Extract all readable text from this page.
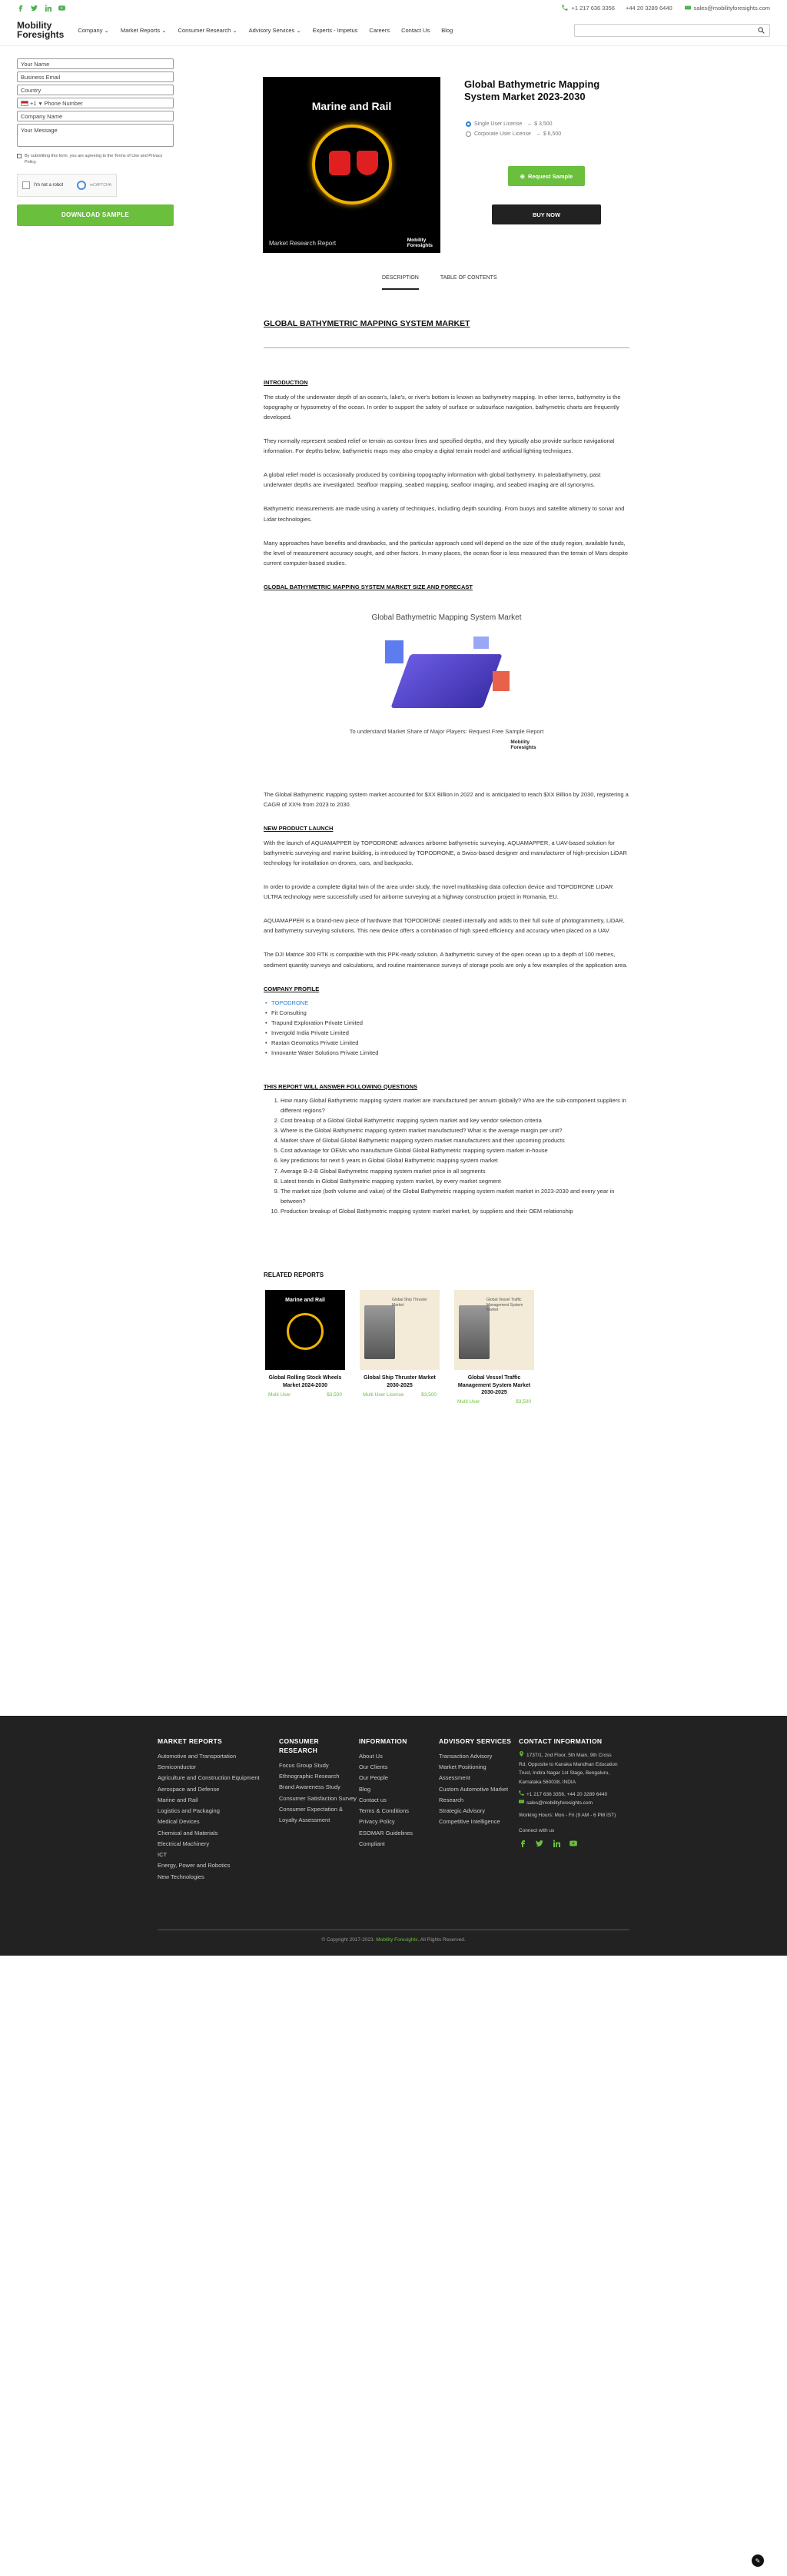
+1 217 636 3356 +44 20 3289 6440	sales@mobilityforesights.com
Mobility
Foresights Company ⌄ Market Reports ⌄ Consumer Research ⌄ Advisory Services ⌄ Experts - Impetus Careers Contact Us Blog
Your Name
Business Email
Country
+1 ▾ Phone Number
Company Name
Your Message
By submitting this form, you are agreeing to the Terms of Use and Privacy Policy.
I'm not a robot	reCAPTCHA
DOWNLOAD SAMPLE
Marine and Rail
Market Research Report	Mobility
Foresights
Global Bathymetric Mapping System Market 2023-2030
Single User License – $ 3,500
Corporate User License – $ 6,500
⊕ Request Sample
BUY NOW
DESCRIPTION	TABLE OF CONTENTS
GLOBAL BATHYMETRIC MAPPING SYSTEM MARKET
INTRODUCTION

The study of the underwater depth of an ocean's, lake's, or river's bottom is known as bathymetry mapping. In other terms, bathymetry is the topography or hypsometry of the ocean. In order to support the safety of surface or subsurface navigation, bathymetric charts are frequently developed.

They normally represent seabed relief or terrain as contour lines and specified depths, and they typically also provide surface navigational information. For depths below, bathymetric maps may also employ a digital terrain model and artificial lighting techniques.

A global relief model is occasionally produced by combining topography information with global bathymetry. In paleobathymetry, past underwater depths are investigated. Seafloor mapping, seabed mapping, seafloor imaging, and seabed imaging are all synonyms.

Bathymetric measurements are made using a variety of techniques, including depth sounding. From buoys and satellite altimetry to sonar and Lidar technologies.

Many approaches have benefits and drawbacks, and the particular approach used will depend on the size of the study region, available funds, the level of measurement accuracy sought, and other factors. In many places, the ocean floor is less measured than the terrain of Mars despite current computer-based studies.

GLOBAL BATHYMETRIC MAPPING SYSTEM MARKET SIZE AND FORECAST
Global Bathymetric Mapping System Market
To understand Market Share of Major Players: Request Free Sample Report
Mobility
Foresights

The Global Bathymetric mapping system market accounted for $XX Billion in 2022 and is anticipated to reach $XX Billion by 2030, registering a CAGR of XX% from 2023 to 2030.

NEW PRODUCT LAUNCH

With the launch of AQUAMAPPER by TOPODRONE advances airborne bathymetric surveying. AQUAMAPPER, a UAV-based solution for bathymetric surveying and marine building, is introduced by TOPODRONE, a Swiss-based designer and manufacturer of high-precision LiDAR technology for installation on drones, cars, and backpacks.

In order to provide a complete digital twin of the area under study, the novel multitasking data collection device and TOPODRONE LIDAR ULTRA technology were successfully used for airborne surveying at a highway construction project in Romania, EU.

AQUAMAPPER is a brand-new piece of hardware that TOPODRONE created internally and adds to their full suite of photogrammetry, LiDAR, and bathymetry surveying solutions. This new device offers a combination of high speed efficiency and accuracy when placed on a UAV.

The DJI Matrice 300 RTK is compatible with this PPK-ready solution. A bathymetric survey of the open ocean up to a depth of 100 metres, sediment quantity surveys and calculations, and routine maintenance surveys of storage pools are only a few examples of the application area.

COMPANY PROFILE
• TOPODRONE
• Fit Consulting
• Trapund Exploration Private Limited
• Invergold India Private Limited
• Raxtan Geomatics Private Limited
• Innovante Water Solutions Private Limited
THIS REPORT WILL ANSWER FOLLOWING QUESTIONS
1. How many Global Bathymetric mapping system market are manufactured per annum globally? Who are the sub-component suppliers in different regions?
2. Cost breakup of a Global Global Bathymetric mapping system market and key vendor selection criteria
3. Where is the Global Bathymetric mapping system market manufactured? What is the average margin per unit?
4. Market share of Global Global Bathymetric mapping system market manufacturers and their upcoming products
5. Cost advantage for OEMs who manufacture Global Global Bathymetric mapping system market in-house
6. key predictions for next 5 years in Global Global Bathymetric mapping system market
7. Average B-2-B Global Bathymetric mapping system market price in all segments
8. Latest trends in Global Bathymetric mapping system market, by every market segment
9. The market size (both volume and value) of the Global Bathymetric mapping system market market in 2023-2030 and every year in between?
10. Production breakup of Global Bathymetric mapping system market market, by suppliers and their OEM relationship
RELATED REPORTS
Marine and Rail
Global Rolling Stock Wheels Market 2024-2030
Multi User	$3,500
Global Ship Thruster Market
Global Ship Thruster Market 2030-2025
Multi User License	$3,500
Global Vessel Traffic Management System Market
Global Vessel Traffic Management System Market 2030-2025
Multi User	$3,500
MARKET REPORTS
Automotive and Transportation
Semiconductor
Agriculture and Construction Equipment
Aerospace and Defense
Marine and Rail
Logistics and Packaging
Medical Devices
Chemical and Materials
Electrical Machinery
ICT
Energy, Power and Robotics
New Technologies
CONSUMER RESEARCH
Focus Group Study
Ethnographic Research
Brand Awareness Study
Consumer Satisfaction Survey
Consumer Expectation & Loyalty Assessment
INFORMATION
About Us
Our Clients
Our People
Blog
Contact us
Terms & Conditions
Privacy Policy
ESOMAR Guidelines Compliant
ADVISORY SERVICES
Transaction Advisory
Market Positioning Assessment
Custom Automotive Market Research
Strategic Advisory
Competitive Intelligence
CONTACT INFORMATION
1737/1, 2nd Floor, 5th Main, 9th Cross Rd, Opposite to Kanaka Mandhan Education Trust, Indira Nagar 1st Stage, Bengaluru, Karnataka 560038, INDIA
+1 217 636 3356, +44 20 3289 6440
sales@mobilityforesights.com
Working Hours: Mon - Fri (9 AM - 6 PM IST)
Connect with us
© Copyright 2017-2023. Mobility Foresights. All Rights Reserved.
✎
